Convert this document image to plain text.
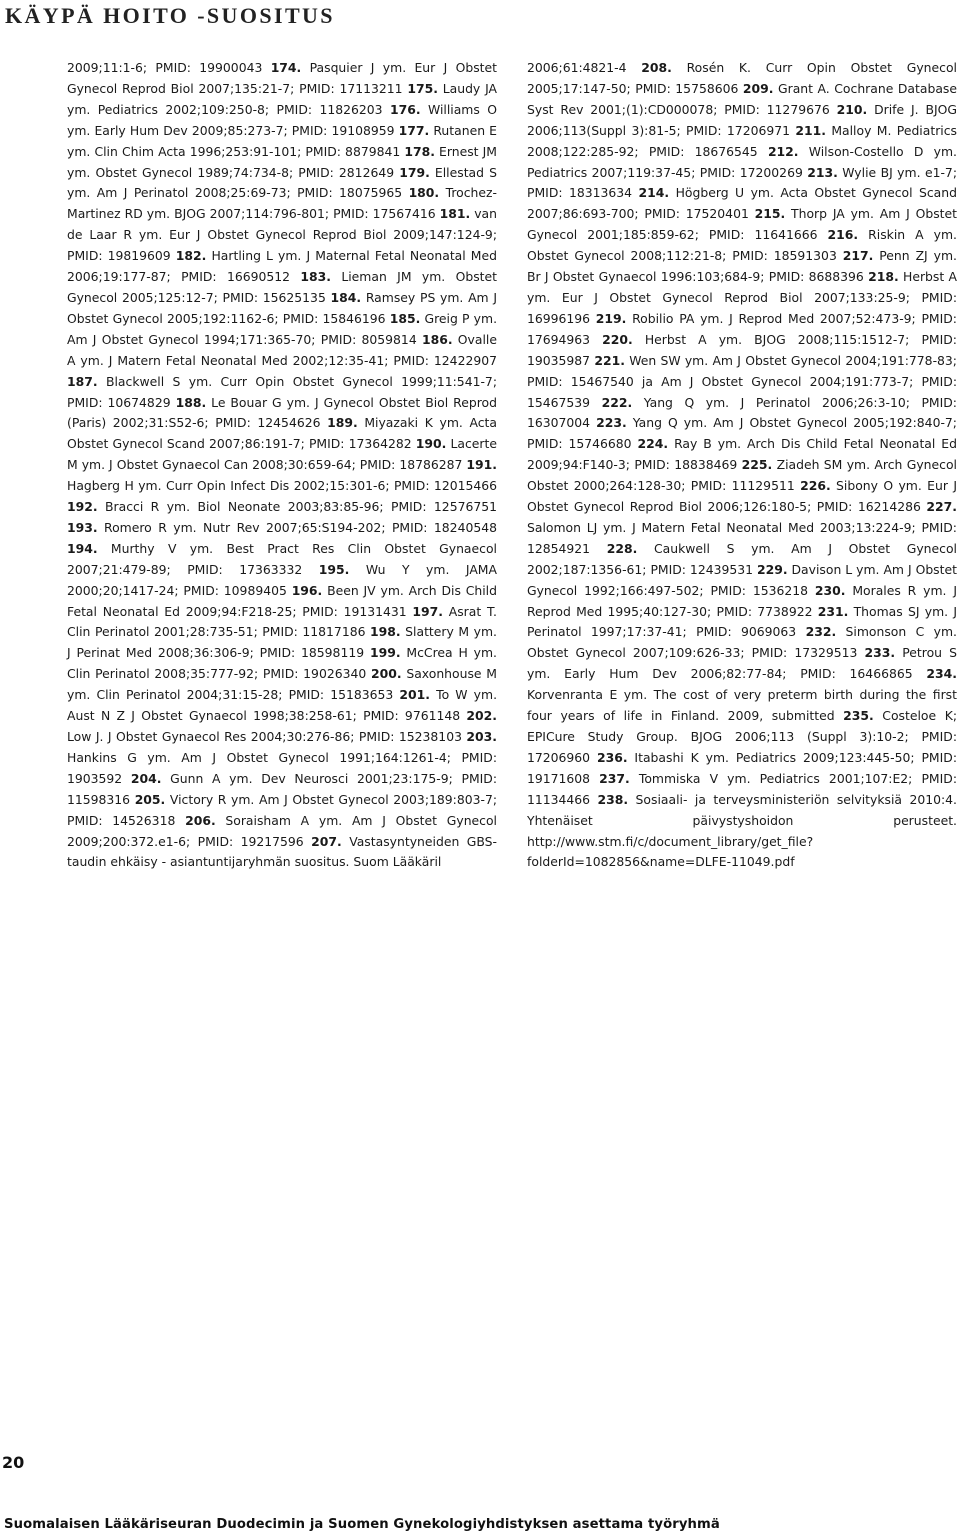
KÄYPÄ HOITO -SUOSITUS
2009;11:1-6; PMID: 19900043 174. Pasquier J ym. Eur J Obstet Gynecol Reprod Biol 2007;135:21-7; PMID: 17113211 175. Laudy JA ym. Pediatrics 2002;109:250-8; PMID: 11826203 176. Williams O ym. Early Hum Dev 2009;85:273-7; PMID: 19108959 177. Rutanen E ym. Clin Chim Acta 1996;253:91-101; PMID: 8879841 178. Ernest JM ym. Obstet Gynecol 1989;74:734-8; PMID: 2812649 179. Ellestad S ym. Am J Perinatol 2008;25:69-73; PMID: 18075965 180. Trochez-Martinez RD ym. BJOG 2007;114:796-801; PMID: 17567416 181. van de Laar R ym. Eur J Obstet Gynecol Reprod Biol 2009;147:124-9; PMID: 19819609 182. Hartling L ym. J Maternal Fetal Neonatal Med 2006;19:177-87; PMID: 16690512 183. Lieman JM ym. Obstet Gynecol 2005;125:12-7; PMID: 15625135 184. Ramsey PS ym. Am J Obstet Gynecol 2005;192:1162-6; PMID: 15846196 185. Greig P ym. Am J Obstet Gynecol 1994;171:365-70; PMID: 8059814 186. Ovalle A ym. J Matern Fetal Neonatal Med 2002;12:35-41; PMID: 12422907 187. Blackwell S ym. Curr Opin Obstet Gynecol 1999;11:541-7; PMID: 10674829 188. Le Bouar G ym. J Gynecol Obstet Biol Reprod (Paris) 2002;31:S52-6; PMID: 12454626 189. Miyazaki K ym. Acta Obstet Gynecol Scand 2007;86:191-7; PMID: 17364282 190. Lacerte M ym. J Obstet Gynaecol Can 2008;30:659-64; PMID: 18786287 191. Hagberg H ym. Curr Opin Infect Dis 2002;15:301-6; PMID: 12015466 192. Bracci R ym. Biol Neonate 2003;83:85-96; PMID: 12576751 193. Romero R ym. Nutr Rev 2007;65:S194-202; PMID: 18240548 194. Murthy V ym. Best Pract Res Clin Obstet Gynaecol 2007;21:479-89; PMID: 17363332 195. Wu Y ym. JAMA 2000;20;1417-24; PMID: 10989405 196. Been JV ym. Arch Dis Child Fetal Neonatal Ed 2009;94:F218-25; PMID: 19131431 197. Asrat T. Clin Perinatol 2001;28:735-51; PMID: 11817186 198. Slattery M ym. J Perinat Med 2008;36:306-9; PMID: 18598119 199. McCrea H ym. Clin Perinatol 2008;35:777-92; PMID: 19026340 200. Saxonhouse M ym. Clin Perinatol 2004;31:15-28; PMID: 15183653 201. To W ym. Aust N Z J Obstet Gynaecol 1998;38:258-61; PMID: 9761148 202. Low J. J Obstet Gynaecol Res 2004;30:276-86; PMID: 15238103 203. Hankins G ym. Am J Obstet Gynecol 1991;164:1261-4; PMID: 1903592 204. Gunn A ym. Dev Neurosci 2001;23:175-9; PMID: 11598316 205. Victory R ym. Am J Obstet Gynecol 2003;189:803-7; PMID: 14526318 206. Soraisham A ym. Am J Obstet Gynecol 2009;200:372.e1-6; PMID: 19217596 207. Vastasyntyneiden GBS-taudin ehkäisy - asiantuntijaryhmän suositus. Suom Lääkäril
2006;61:4821-4 208. Rosén K. Curr Opin Obstet Gynecol 2005;17:147-50; PMID: 15758606 209. Grant A. Cochrane Database Syst Rev 2001;(1):CD000078; PMID: 11279676 210. Drife J. BJOG 2006;113(Suppl 3):81-5; PMID: 17206971 211. Malloy M. Pediatrics 2008;122:285-92; PMID: 18676545 212. Wilson-Costello D ym. Pediatrics 2007;119:37-45; PMID: 17200269 213. Wylie BJ ym. e1-7; PMID: 18313634 214. Högberg U ym. Acta Obstet Gynecol Scand 2007;86:693-700; PMID: 17520401 215. Thorp JA ym. Am J Obstet Gynecol 2001;185:859-62; PMID: 11641666 216. Riskin A ym. Obstet Gynecol 2008;112:21-8; PMID: 18591303 217. Penn ZJ ym. Br J Obstet Gynaecol 1996:103;684-9; PMID: 8688396 218. Herbst A ym. Eur J Obstet Gynecol Reprod Biol 2007;133:25-9; PMID: 16996196 219. Robilio PA ym. J Reprod Med 2007;52:473-9; PMID: 17694963 220. Herbst A ym. BJOG 2008;115:1512-7; PMID: 19035987 221. Wen SW ym. Am J Obstet Gynecol 2004;191:778-83; PMID: 15467540 ja Am J Obstet Gynecol 2004;191:773-7; PMID: 15467539 222. Yang Q ym. J Perinatol 2006;26:3-10; PMID: 16307004 223. Yang Q ym. Am J Obstet Gynecol 2005;192:840-7; PMID: 15746680 224. Ray B ym. Arch Dis Child Fetal Neonatal Ed 2009;94:F140-3; PMID: 18838469 225. Ziadeh SM ym. Arch Gynecol Obstet 2000;264:128-30; PMID: 11129511 226. Sibony O ym. Eur J Obstet Gynecol Reprod Biol 2006;126:180-5; PMID: 16214286 227. Salomon LJ ym. J Matern Fetal Neonatal Med 2003;13:224-9; PMID: 12854921 228. Caukwell S ym. Am J Obstet Gynecol 2002;187:1356-61; PMID: 12439531 229. Davison L ym. Am J Obstet Gynecol 1992;166:497-502; PMID: 1536218 230. Morales R ym. J Reprod Med 1995;40:127-30; PMID: 7738922 231. Thomas SJ ym. J Perinatol 1997;17:37-41; PMID: 9069063 232. Simonson C ym. Obstet Gynecol 2007;109:626-33; PMID: 17329513 233. Petrou S ym. Early Hum Dev 2006;82:77-84; PMID: 16466865 234. Korvenranta E ym. The cost of very preterm birth during the first four years of life in Finland. 2009, submitted 235. Costeloe K; EPICure Study Group. BJOG 2006;113 (Suppl 3):10-2; PMID: 17206960 236. Itabashi K ym. Pediatrics 2009;123:445-50; PMID: 19171608 237. Tommiska V ym. Pediatrics 2001;107:E2; PMID: 11134466 238. Sosiaali- ja terveysministeriön selvityksiä 2010:4. Yhtenäiset päivystyshoidon perusteet. http://www.stm.fi/c/document_library/get_file?folderId=1082856&name=DLFE-11049.pdf
20
Suomalaisen Lääkäriseuran Duodecimin ja Suomen Gynekologiyhdistyksen asettama työryhmä
